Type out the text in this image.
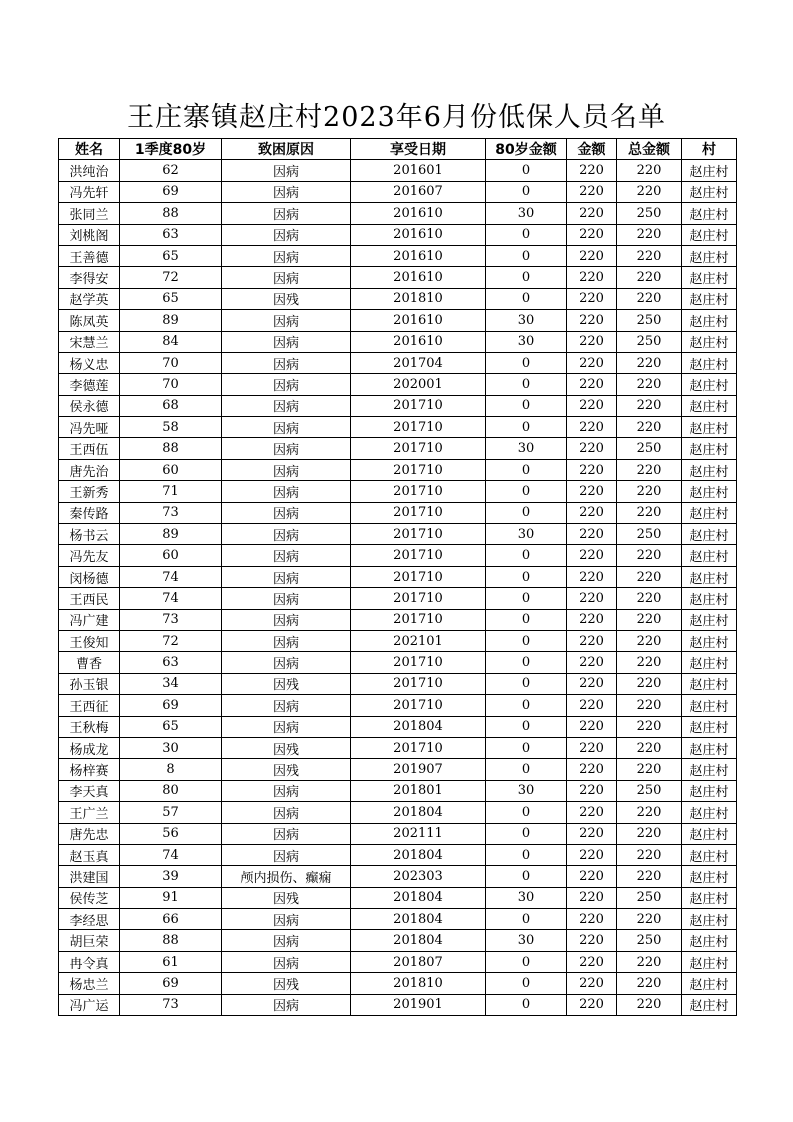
王庄寨镇赵庄村2023年6月份低保人员名单
姓名	1季度80岁	致困原因	享受日期	80岁金额	金额	总金额	村
洪纯治	62	因病	201601	0	220	220	赵庄村
冯先轩	69	因病	201607	0	220	220	赵庄村
张同兰	88	因病	201610	30	220	250	赵庄村
刘桃阁	63	因病	201610	0	220	220	赵庄村
王善德	65	因病	201610	0	220	220	赵庄村
李得安	72	因病	201610	0	220	220	赵庄村
赵学英	65	因残	201810	0	220	220	赵庄村
陈凤英	89	因病	201610	30	220	250	赵庄村
宋慧兰	84	因病	201610	30	220	250	赵庄村
杨义忠	70	因病	201704	0	220	220	赵庄村
李德莲	70	因病	202001	0	220	220	赵庄村
侯永德	68	因病	201710	0	220	220	赵庄村
冯先哑	58	因病	201710	0	220	220	赵庄村
王西伍	88	因病	201710	30	220	250	赵庄村
唐先治	60	因病	201710	0	220	220	赵庄村
王新秀	71	因病	201710	0	220	220	赵庄村
秦传路	73	因病	201710	0	220	220	赵庄村
杨书云	89	因病	201710	30	220	250	赵庄村
冯先友	60	因病	201710	0	220	220	赵庄村
闵杨德	74	因病	201710	0	220	220	赵庄村
王西民	74	因病	201710	0	220	220	赵庄村
冯广建	73	因病	201710	0	220	220	赵庄村
王俊知	72	因病	202101	0	220	220	赵庄村
曹香	63	因病	201710	0	220	220	赵庄村
孙玉银	34	因残	201710	0	220	220	赵庄村
王西征	69	因病	201710	0	220	220	赵庄村
王秋梅	65	因病	201804	0	220	220	赵庄村
杨成龙	30	因残	201710	0	220	220	赵庄村
杨梓赛	8	因残	201907	0	220	220	赵庄村
李天真	80	因病	201801	30	220	250	赵庄村
王广兰	57	因病	201804	0	220	220	赵庄村
唐先忠	56	因病	202111	0	220	220	赵庄村
赵玉真	74	因病	201804	0	220	220	赵庄村
洪建国	39	颅内损伤、癫痫	202303	0	220	220	赵庄村
侯传芝	91	因残	201804	30	220	250	赵庄村
李经思	66	因病	201804	0	220	220	赵庄村
胡巨荣	88	因病	201804	30	220	250	赵庄村
冉令真	61	因病	201807	0	220	220	赵庄村
杨忠兰	69	因残	201810	0	220	220	赵庄村
冯广运	73	因病	201901	0	220	220	赵庄村
